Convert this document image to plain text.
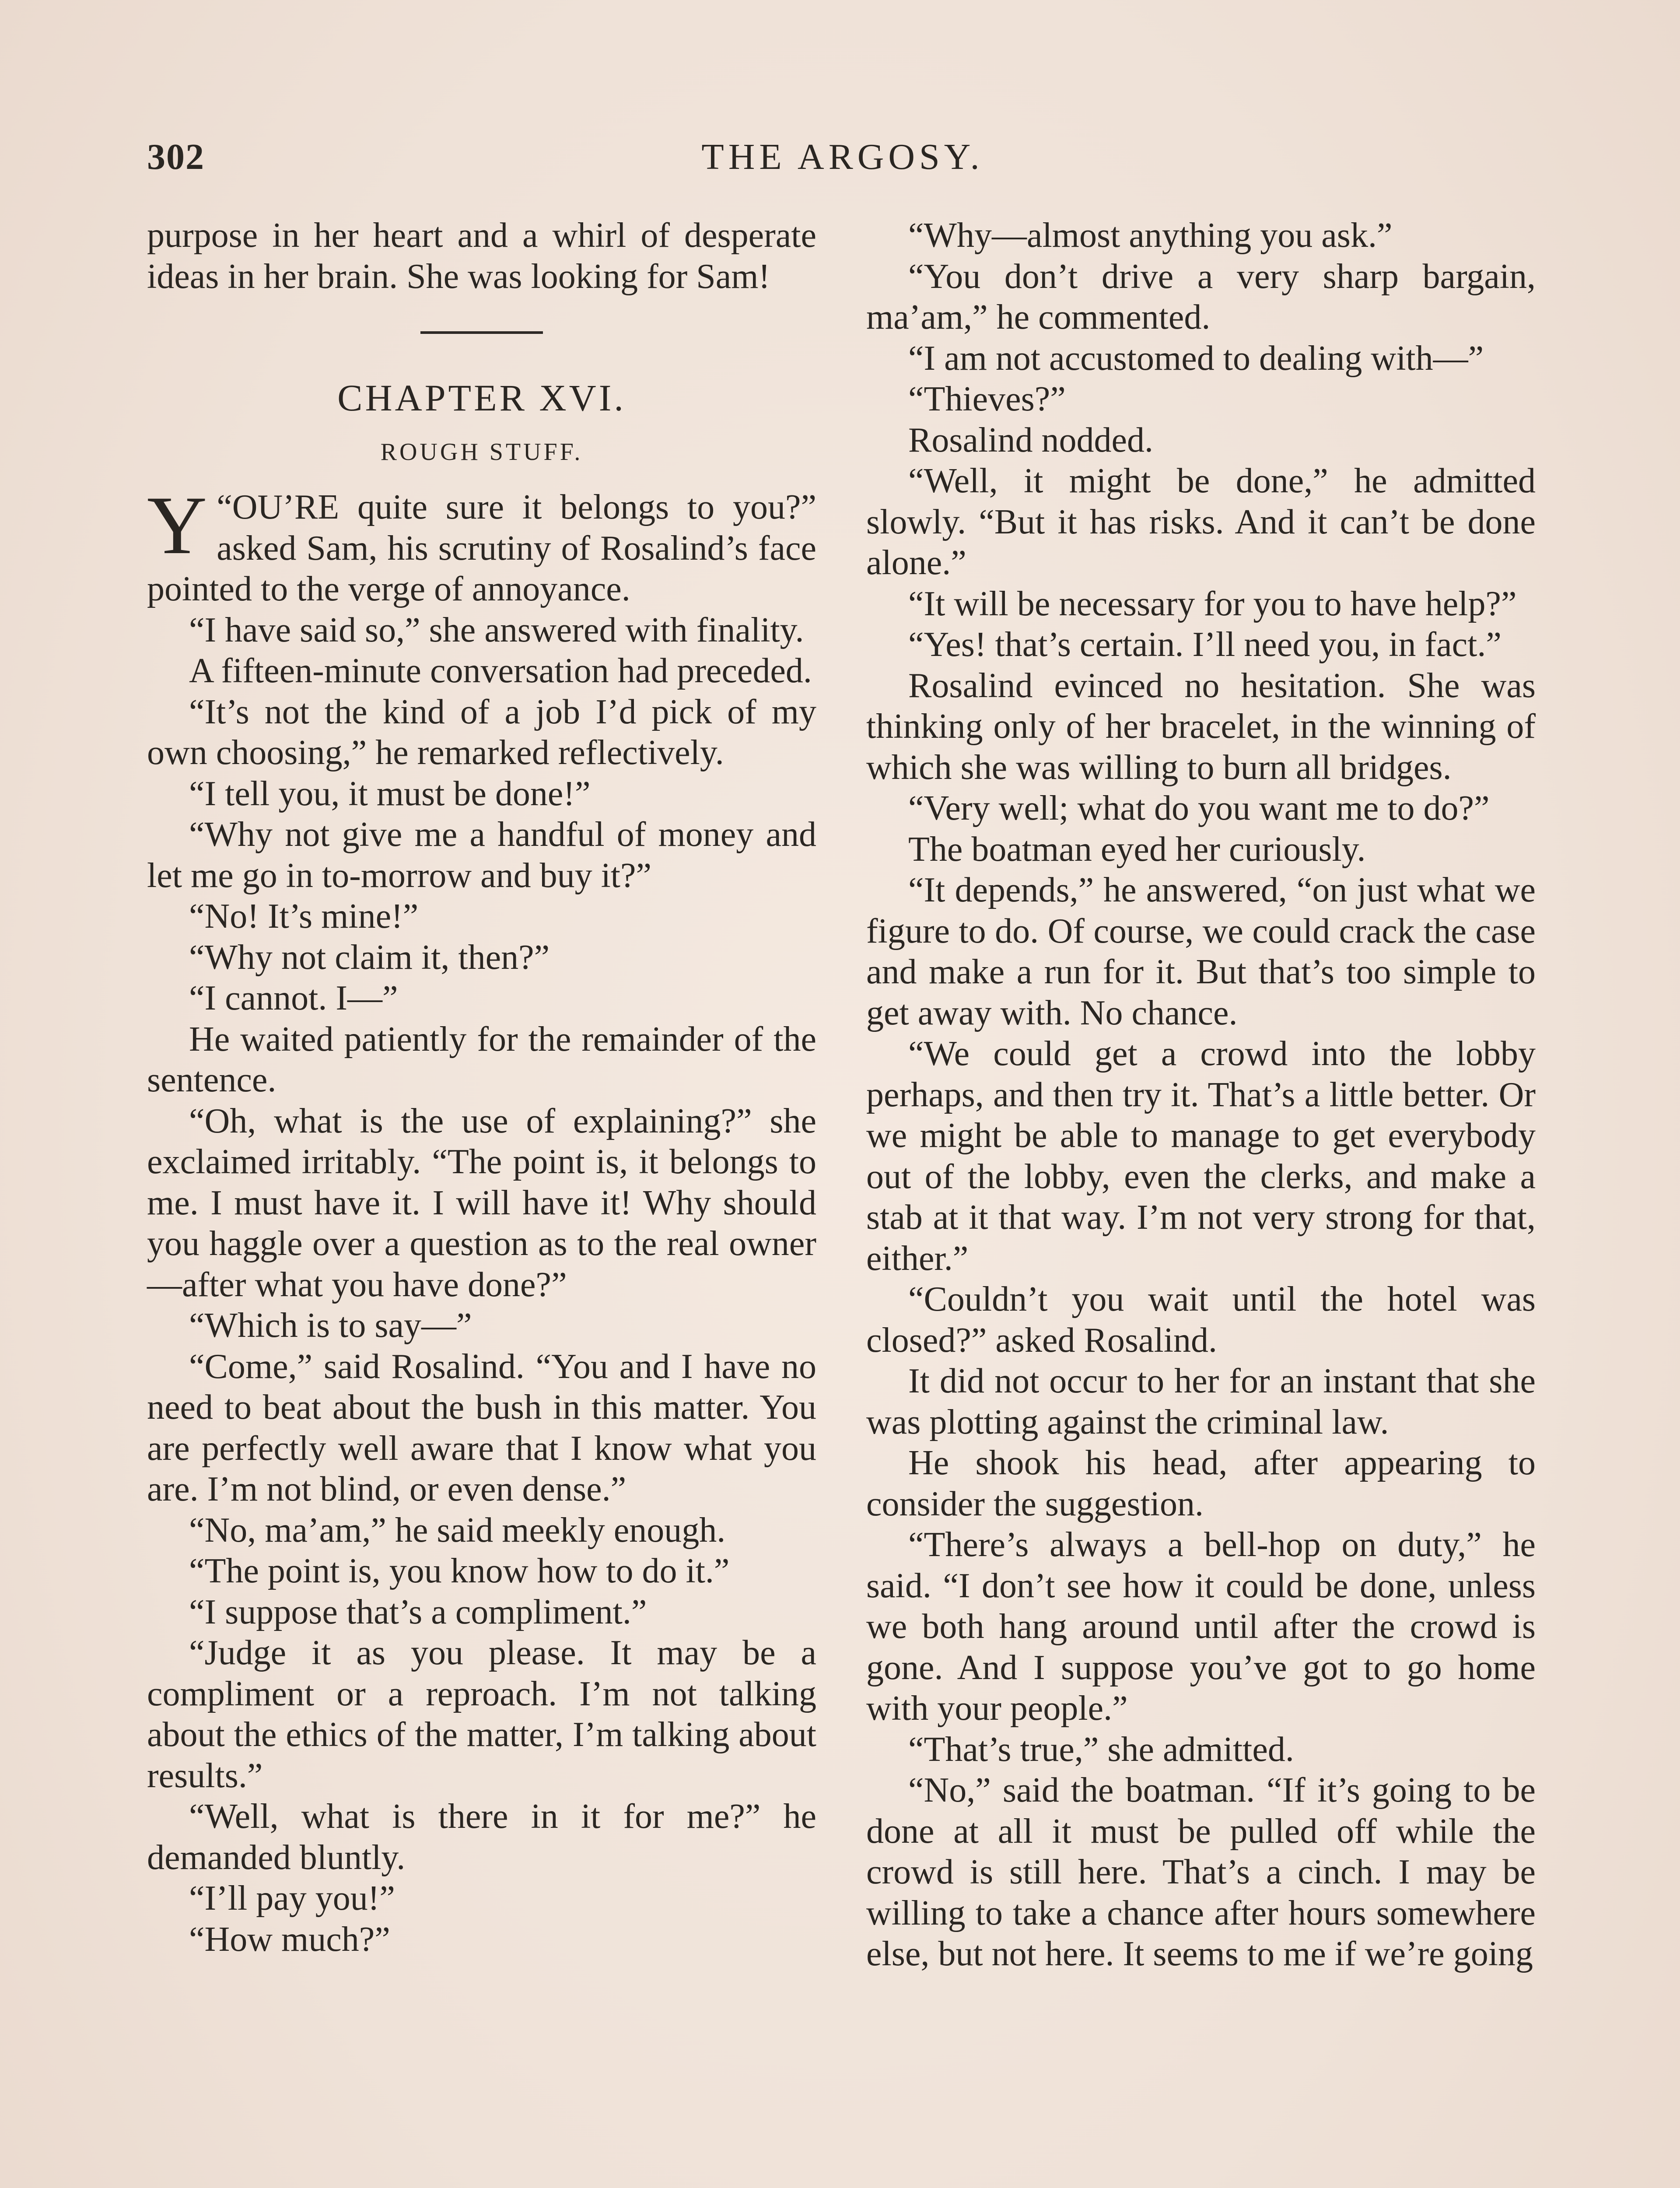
302	THE ARGOSY.

purpose in her heart and a whirl of desperate ideas in her brain. She was looking for Sam!

CHAPTER XVI.
ROUGH STUFF.

“
Y OU’RE quite sure it belongs to you?” asked Sam, his scrutiny of Rosalind’s face pointed to the verge of annoyance.

“I have said so,” she answered with finality.

A fifteen-minute conversation had preceded.

“It’s not the kind of a job I’d pick of my own choosing,” he remarked reflectively.

“I tell you, it must be done!”

“Why not give me a handful of money and let me go in to-morrow and buy it?”

“No! It’s mine!”

“Why not claim it, then?”

“I cannot. I—”

He waited patiently for the remainder of the sentence.

“Oh, what is the use of explaining?” she exclaimed irritably. “The point is, it belongs to me. I must have it. I will have it! Why should you haggle over a question as to the real owner—after what you have done?”

“Which is to say—”

“Come,” said Rosalind. “You and I have no need to beat about the bush in this matter. You are perfectly well aware that I know what you are. I’m not blind, or even dense.”

“No, ma’am,” he said meekly enough.

“The point is, you know how to do it.”

“I suppose that’s a compliment.”

“Judge it as you please. It may be a compliment or a reproach. I’m not talking about the ethics of the matter, I’m talking about results.”

“Well, what is there in it for me?” he demanded bluntly.

“I’ll pay you!”

“How much?”

“Why—almost anything you ask.”

“You don’t drive a very sharp bargain, ma’am,” he commented.

“I am not accustomed to dealing with—”

“Thieves?”

Rosalind nodded.

“Well, it might be done,” he admitted slowly. “But it has risks. And it can’t be done alone.”

“It will be necessary for you to have help?”

“Yes! that’s certain. I’ll need you, in fact.”

Rosalind evinced no hesitation. She was thinking only of her bracelet, in the winning of which she was willing to burn all bridges.

“Very well; what do you want me to do?”

The boatman eyed her curiously.

“It depends,” he answered, “on just what we figure to do. Of course, we could crack the case and make a run for it. But that’s too simple to get away with. No chance.

“We could get a crowd into the lobby perhaps, and then try it. That’s a little better. Or we might be able to manage to get everybody out of the lobby, even the clerks, and make a stab at it that way. I’m not very strong for that, either.”

“Couldn’t you wait until the hotel was closed?” asked Rosalind.

It did not occur to her for an instant that she was plotting against the criminal law.

He shook his head, after appearing to consider the suggestion.

“There’s always a bell-hop on duty,” he said. “I don’t see how it could be done, unless we both hang around until after the crowd is gone. And I suppose you’ve got to go home with your people.”

“That’s true,” she admitted.

“No,” said the boatman. “If it’s going to be done at all it must be pulled off while the crowd is still here. That’s a cinch. I may be willing to take a chance after hours somewhere else, but not here. It seems to me if we’re going
